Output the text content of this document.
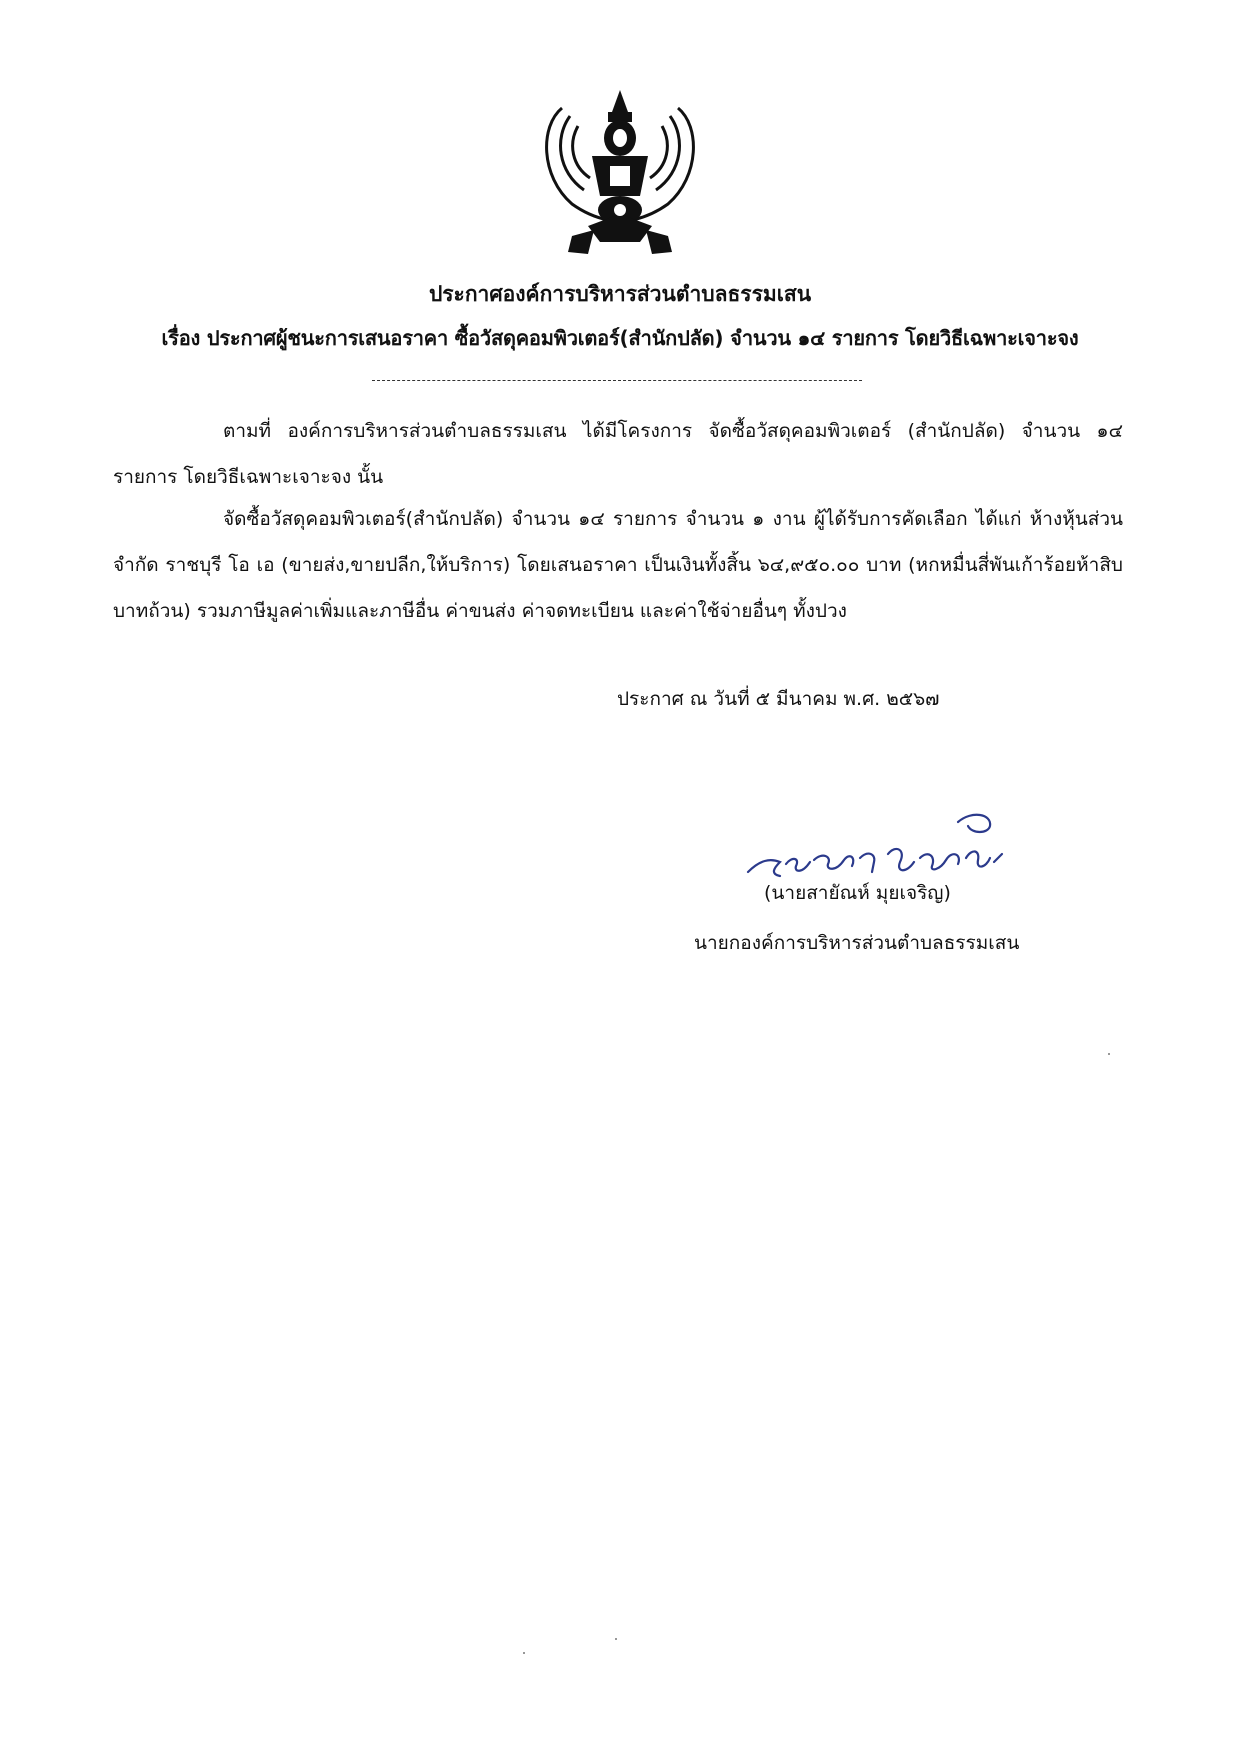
ประกาศองค์การบริหารส่วนตำบลธรรมเสน
เรื่อง ประกาศผู้ชนะการเสนอราคา ซื้อวัสดุคอมพิวเตอร์(สำนักปลัด) จำนวน ๑๔ รายการ โดยวิธีเฉพาะเจาะจง
ตามที่ องค์การบริหารส่วนตำบลธรรมเสน ได้มีโครงการ จัดซื้อวัสดุคอมพิวเตอร์ (สำนักปลัด) จำนวน ๑๔ รายการ โดยวิธีเฉพาะเจาะจง นั้น
จัดซื้อวัสดุคอมพิวเตอร์(สำนักปลัด) จำนวน ๑๔ รายการ จำนวน ๑ งาน ผู้ได้รับการคัดเลือก ได้แก่ ห้างหุ้นส่วนจำกัด ราชบุรี โอ เอ (ขายส่ง,ขายปลีก,ให้บริการ) โดยเสนอราคา เป็นเงินทั้งสิ้น ๖๔,๙๕๐.๐๐ บาท (หกหมื่นสี่พันเก้าร้อยห้าสิบบาทถ้วน) รวมภาษีมูลค่าเพิ่มและภาษีอื่น ค่าขนส่ง ค่าจดทะเบียน และค่าใช้จ่ายอื่นๆ ทั้งปวง
ประกาศ ณ วันที่ ๕ มีนาคม พ.ศ. ๒๕๖๗
(นายสายัณห์ มุยเจริญ)
นายกองค์การบริหารส่วนตำบลธรรมเสน
